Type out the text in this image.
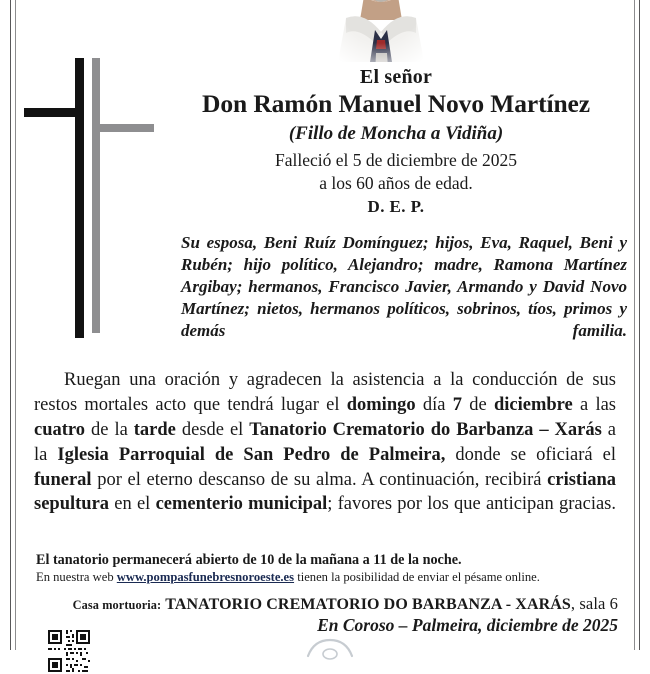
El señor
Don Ramón Manuel Novo Martínez
(Fillo de Moncha a Vidiña)
Falleció el 5 de diciembre de 2025
a los 60 años de edad.
D. E. P.
Su esposa, Beni Ruíz Domínguez; hijos, Eva, Raquel, Beni y Rubén; hijo político, Alejandro; madre, Ramona Martínez Argibay; hermanos, Francisco Javier, Armando y David Novo Martínez; nietos, hermanos políticos, sobrinos, tíos, primos y demás familia.
Ruegan una oración y agradecen la asistencia a la conducción de sus restos mortales acto que tendrá lugar el domingo día 7 de diciembre a las cuatro de la tarde desde el Tanatorio Crematorio do Barbanza – Xarás a la Iglesia Parroquial de San Pedro de Palmeira, donde se oficiará el funeral por el eterno descanso de su alma. A continuación, recibirá cristiana sepultura en el cementerio municipal; favores por los que anticipan gracias.
El tanatorio permanecerá abierto de 10 de la mañana a 11 de la noche.
En nuestra web www.pompasfunebresnoroeste.es tienen la posibilidad de enviar el pésame online.
Casa mortuoria: TANATORIO CREMATORIO DO BARBANZA - XARÁS, sala 6
En Coroso – Palmeira, diciembre de 2025
